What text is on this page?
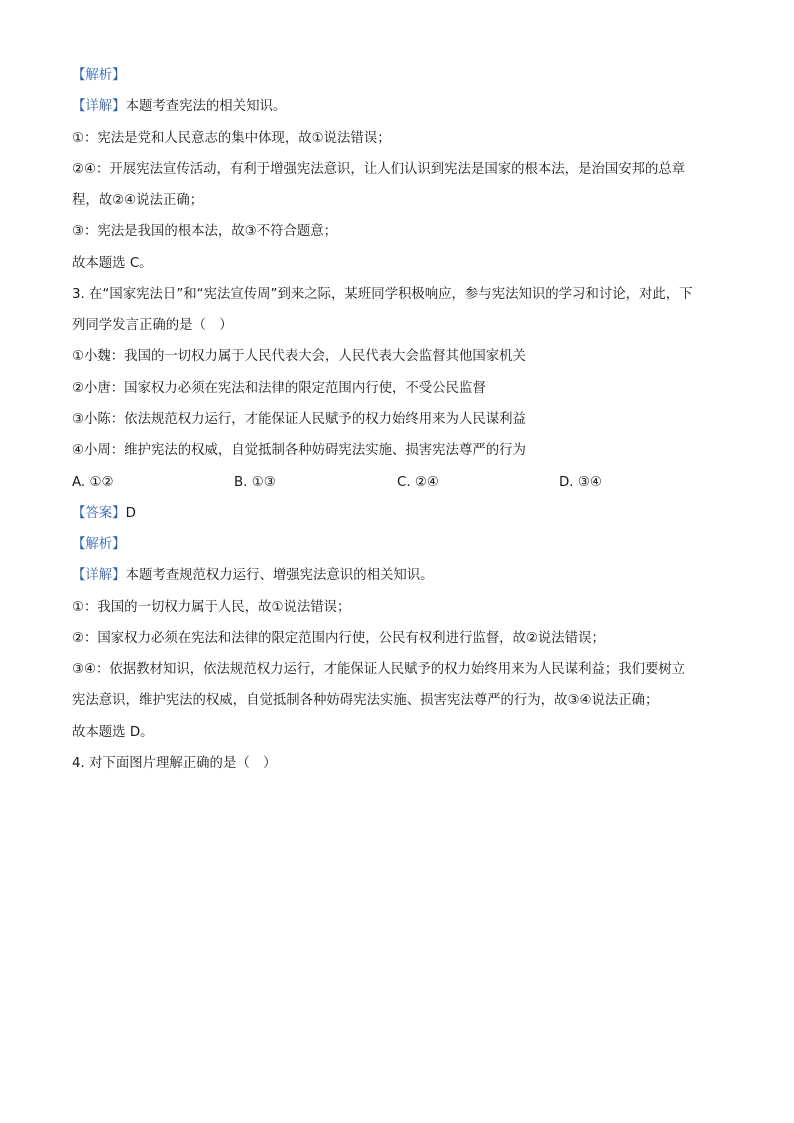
【解析】
【详解】本题考查宪法的相关知识。
①：宪法是党和人民意志的集中体现，故①说法错误；
②④：开展宪法宣传活动，有利于增强宪法意识，让人们认识到宪法是国家的根本法，是治国安邦的总章
程，故②④说法正确；
③：宪法是我国的根本法，故③不符合题意；
故本题选 C。
3. 在“国家宪法日”和“宪法宣传周”到来之际，某班同学积极响应，参与宪法知识的学习和讨论，对此，下
列同学发言正确的是（　）
①小魏：我国的一切权力属于人民代表大会，人民代表大会监督其他国家机关
②小唐：国家权力必须在宪法和法律的限定范围内行使，不受公民监督
③小陈：依法规范权力运行，才能保证人民赋予的权力始终用来为人民谋利益
④小周：维护宪法的权威，自觉抵制各种妨碍宪法实施、损害宪法尊严的行为
A. ①②	B. ①③	C. ②④	D. ③④
【答案】D
【解析】
【详解】本题考查规范权力运行、增强宪法意识的相关知识。
①：我国的一切权力属于人民，故①说法错误；
②：国家权力必须在宪法和法律的限定范围内行使，公民有权利进行监督，故②说法错误；
③④：依据教材知识，依法规范权力运行，才能保证人民赋予的权力始终用来为人民谋利益；我们要树立
宪法意识，维护宪法的权威，自觉抵制各种妨碍宪法实施、损害宪法尊严的行为，故③④说法正确；
故本题选 D。
4. 对下面图片理解正确的是（　）
